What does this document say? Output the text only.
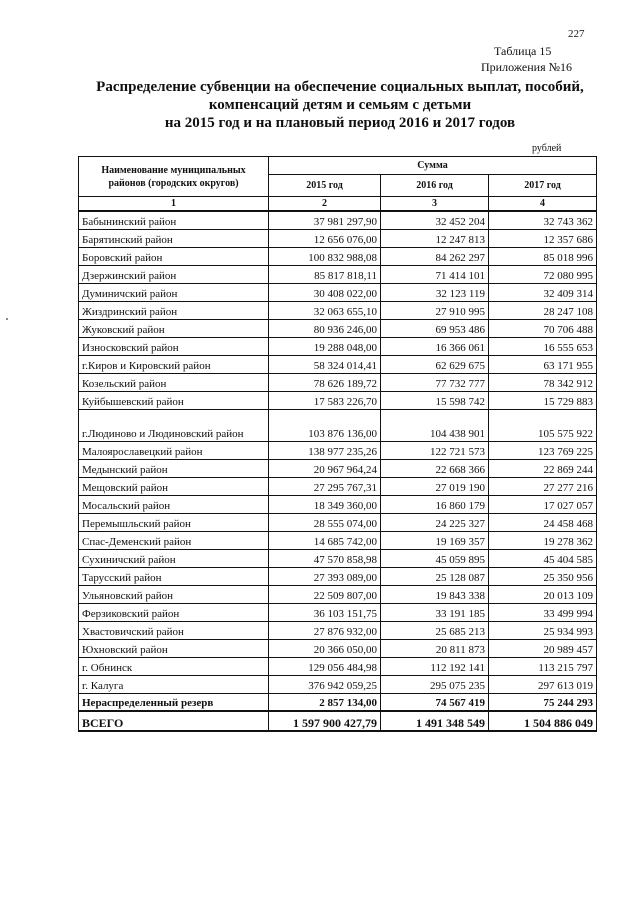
227
Таблица 15
Приложения №16
Распределение субвенции на обеспечение социальных выплат, пособий,
компенсаций детям и семьям с детьми
на 2015 год и на плановый период 2016 и 2017 годов
рублей
Наименование муниципальных районов (городских округов)	Сумма		
	2015 год	2016 год	2017 год
1	2	3	4
Бабынинский район	37 981 297,90	32 452 204	32 743 362
Барятинский район	12 656 076,00	12 247 813	12 357 686
Боровский район	100 832 988,08	84 262 297	85 018 996
Дзержинский район	85 817 818,11	71 414 101	72 080 995
Думиничский район	30 408 022,00	32 123 119	32 409 314
Жиздринский район	32 063 655,10	27 910 995	28 247 108
Жуковский район	80 936 246,00	69 953 486	70 706 488
Износковский район	19 288 048,00	16 366 061	16 555 653
г.Киров и Кировский район	58 324 014,41	62 629 675	63 171 955
Козельский район	78 626 189,72	77 732 777	78 342 912
Куйбышевский район	17 583 226,70	15 598 742	15 729 883
г.Людиново и Людиновский район	103 876 136,00	104 438 901	105 575 922
Малоярославецкий район	138 977 235,26	122 721 573	123 769 225
Медынский район	20 967 964,24	22 668 366	22 869 244
Мещовский район	27 295 767,31	27 019 190	27 277 216
Мосальский район	18 349 360,00	16 860 179	17 027 057
Перемышльский район	28 555 074,00	24 225 327	24 458 468
Спас-Деменский район	14 685 742,00	19 169 357	19 278 362
Сухиничский район	47 570 858,98	45 059 895	45 404 585
Тарусский район	27 393 089,00	25 128 087	25 350 956
Ульяновский район	22 509 807,00	19 843 338	20 013 109
Ферзиковский район	36 103 151,75	33 191 185	33 499 994
Хвастовичский район	27 876 932,00	25 685 213	25 934 993
Юхновский район	20 366 050,00	20 811 873	20 989 457
г. Обнинск	129 056 484,98	112 192 141	113 215 797
г. Калуга	376 942 059,25	295 075 235	297 613 019
Нераспределенный резерв	2 857 134,00	74 567 419	75 244 293
ВСЕГО	1 597 900 427,79	1 491 348 549	1 504 886 049
